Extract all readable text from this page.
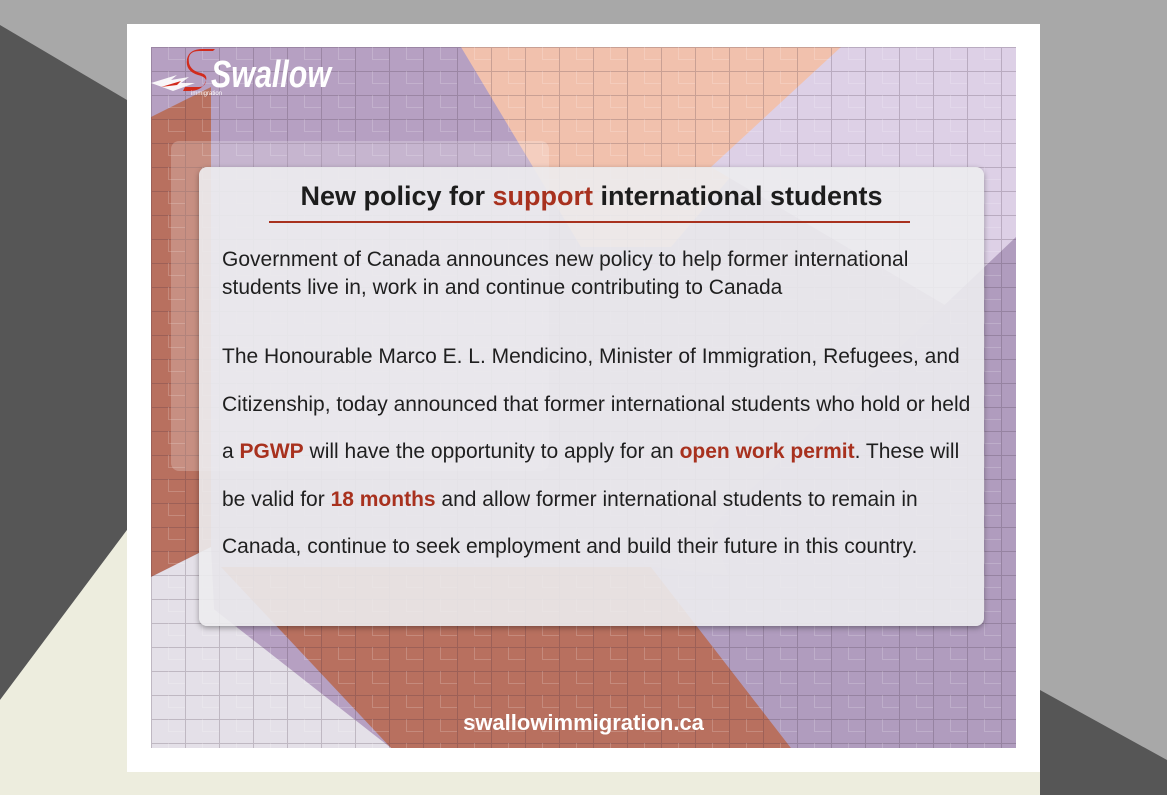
New policy for support international students

Government of Canada announces new policy to help former international students live in, work in and continue contributing to Canada

The Honourable Marco E. L. Mendicino, Minister of Immigration, Refugees, and Citizenship, today announced that former international students who hold or held a PGWP will have the opportunity to apply for an open work permit. These will be valid for 18 months and allow former international students to remain in Canada, continue to seek employment and build their future in this country.

Swallow
immigration
swallowimmigration.ca
